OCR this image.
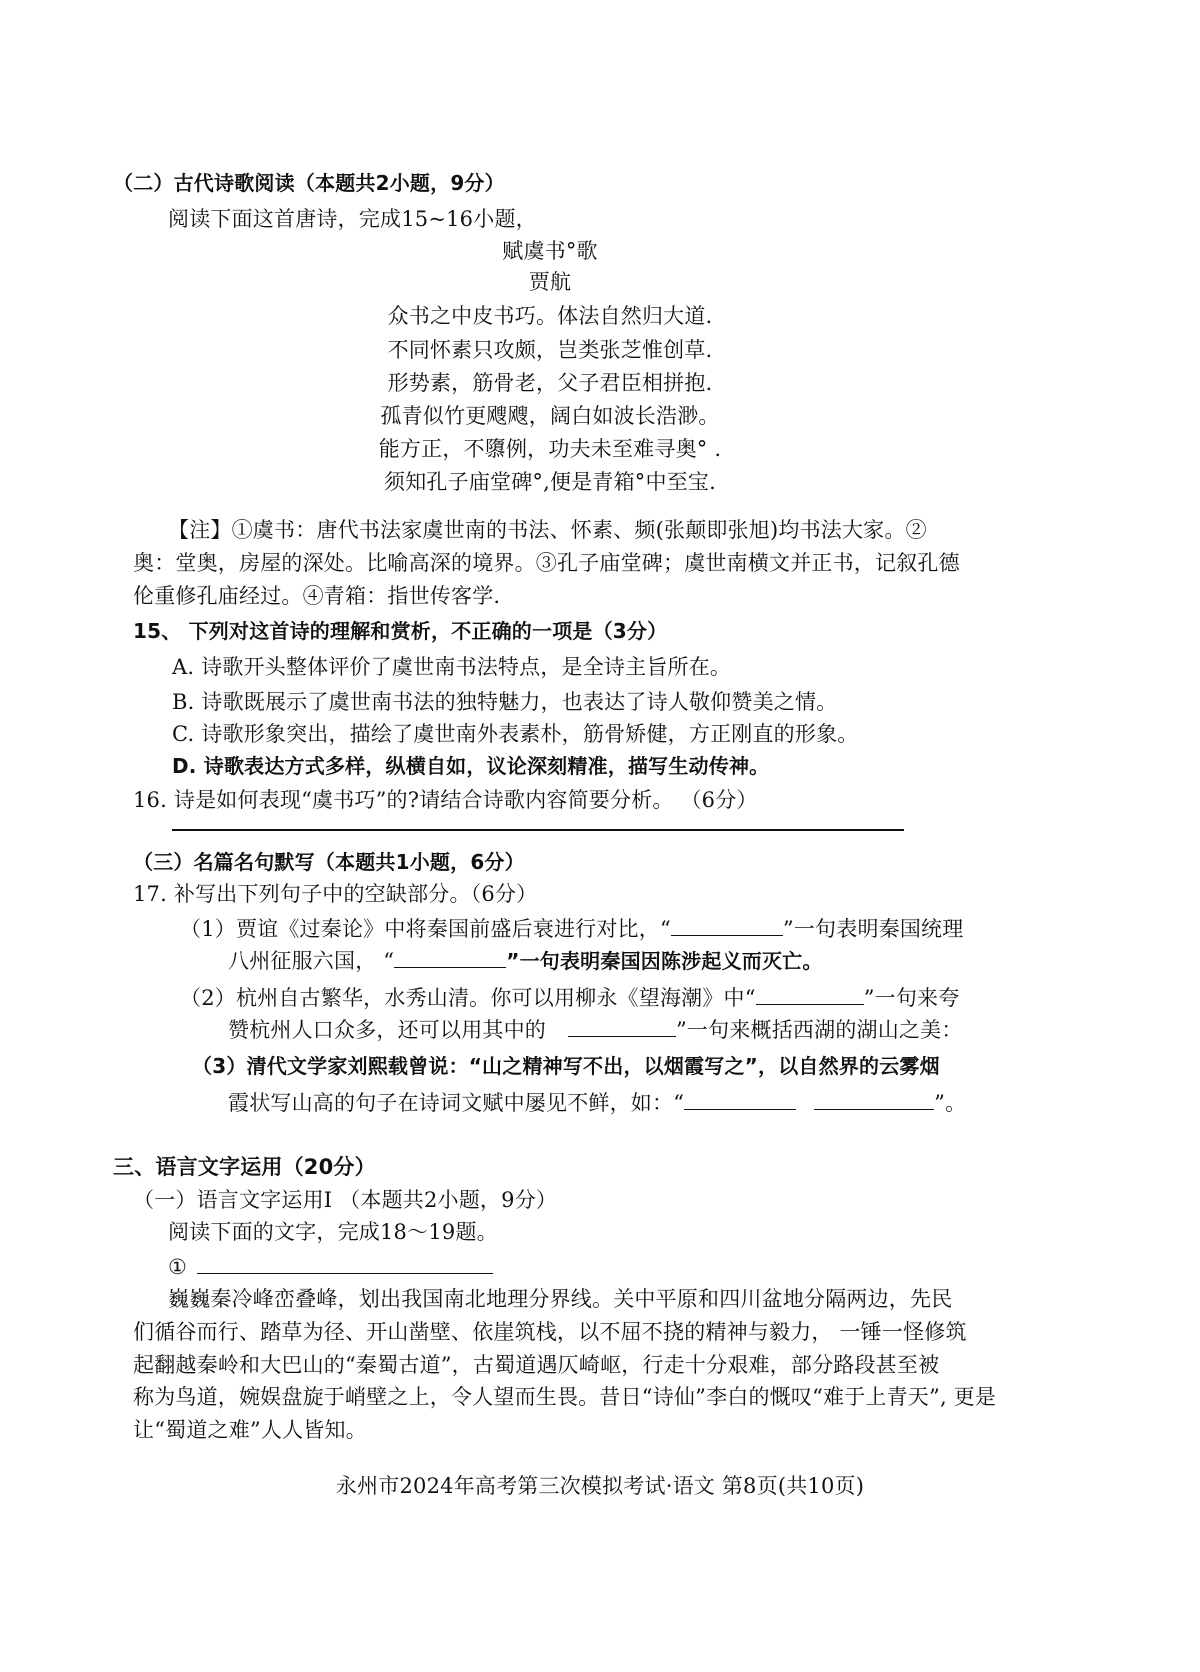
（二）古代诗歌阅读（本题共2小题，9分）
阅读下面这首唐诗，完成15~16小题，
赋虞书°歌
贾航
众书之中皮书巧。体法自然归大道.
不同怀素只攻颇，岂类张芝惟创草.
形势素，筋骨老，父子君臣相拼抱.
孤青似竹更飕飕，阔白如波长浩渺。
能方正，不隳例，功夫未至难寻奥° .
须知孔子庙堂碑°,便是青箱°中至宝.
【注】①虞书：唐代书法家虞世南的书法、怀素、频(张颠即张旭)均书法大家。②
奥：堂奥，房屋的深处。比喻高深的境界。③孔子庙堂碑；虞世南横文并正书，记叙孔德
伦重修孔庙经过。④青箱：指世传客学.
15、 下列对这首诗的理解和赏析，不正确的一项是（3分）
A. 诗歌开头整体评价了虞世南书法特点，是全诗主旨所在。
B. 诗歌既展示了虞世南书法的独特魅力，也表达了诗人敬仰赞美之情。
C. 诗歌形象突出，描绘了虞世南外表素朴，筋骨矫健，方正刚直的形象。
D. 诗歌表达方式多样，纵横自如，议论深刻精准，描写生动传神。
16. 诗是如何表现“虞书巧”的?请结合诗歌内容简要分析。 （6分）
（三）名篇名句默写（本题共1小题，6分）
17. 补写出下列句子中的空缺部分。（6分）
（1）贾谊《过秦论》中将秦国前盛后衰进行对比，“	”一句表明秦国统理
八州征服六国， “	”一句表明秦国因陈涉起义而灭亡。
（2）杭州自古繁华，水秀山清。你可以用柳永《望海潮》中“	”一句来夸
赞杭州人口众多，还可以用其中的	”一句来概括西湖的湖山之美：
（3）清代文学家刘熙载曾说：“山之精神写不出，以烟霞写之”，以自然界的云雾烟
霞状写山高的句子在诗词文赋中屡见不鲜，如：“	”。
三、语言文字运用（20分）
（一）语言文字运用I （本题共2小题，9分）
阅读下面的文字，完成18～19题。
①
巍巍秦冷峰峦叠峰，划出我国南北地理分界线。关中平原和四川盆地分隔两边，先民
们循谷而行、踏草为径、开山凿壁、依崖筑栈，以不屈不挠的精神与毅力， 一锤一怪修筑
起翻越秦岭和大巴山的“秦蜀古道”，古蜀道遇仄崎岖，行走十分艰难，部分路段甚至被
称为鸟道，婉娱盘旋于峭壁之上，令人望而生畏。昔日“诗仙”李白的慨叹“难于上青天”, 更是
让“蜀道之难”人人皆知。
永州市2024年高考第三次模拟考试·语文 第8页(共10页)
